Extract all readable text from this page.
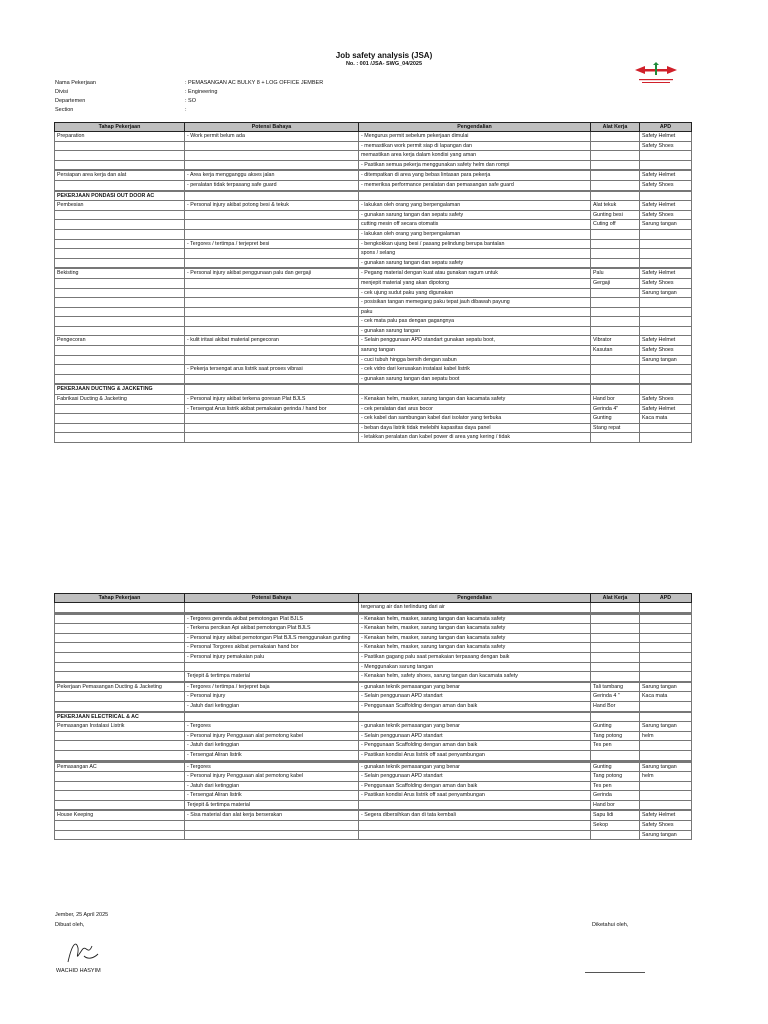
Job safety analysis (JSA)
No. : 001 /JSA- SWG_04/2025
Nama Pekerjaan	: PEMASANGAN AC BULKY 8 + LOG OFFICE JEMBER
Divisi	: Engineering
Departemen	: SO
Section	:
Tahap Pekerjaan	Potensi Bahaya	Pengendalian	Alat Kerja	APD
Preparation	- Work permit belum ada	- Mengurus permit sebelum pekerjaan dimulai		Safety Helmet
		- memastikan work permit siap di lapangan dan		Safety Shoes
		memastikan area kerja dalam kondisi yang aman		
		- Pastikan semua pekerja menggunakan safety helm dan rompi		

Persiapan area kerja dan alat	- Area kerja mengganggu akses jalan	- ditempatkan di area yang bebas lintasan para pekerja		Safety Helmet
	- peralatan tidak terpasang safe guard	- memeriksa performance peralatan dan pemasangan safe guard		Safety Shoes

PEKERJAAN PONDASI OUT DOOR AC				
Pembesian	- Personal injury akibat potong besi & tekuk	- lakukan oleh orang yang berpengalaman	Alat tekuk	Safety Helmet
		- gunakan sarung tangan dan sepatu safety	Gunting besi	Safety Shoes
		cutting mesin off secara otomatis	Cuting off	Sarung tangan
		- lakukan oleh orang yang berpengalaman		
	- Tergores / tertimpa / terjepret besi	- bengkokkan ujung besi / pasang pelindung berupa bantalan		
		spons / selang		
		- gunakan sarung tangan dan sepatu safety		

Bekisting	- Personal injury akibat penggunaan palu dan gergaji	- Pegang material dengan kuat atau gunakan ragum untuk	Palu	Safety Helmet
		menjepit material yang akan dipotong	Gergaji	Safety Shoes
		- cek ujung sudut paku yang digunakan		Sarung tangan
		- posisikan tangan memegang paku tepat jauh dibawah payung		
		paku		
		- cek mata palu pas dengan gagangnya		
		- gunakan sarung tangan		
Pengecoran	- kulit iritasi akibat material pengecoran	- Selain penggunaan APD standart gunakan sepatu boot,	Vibrator	Safety Helmet
		sarung tangan	Kasutan	Safety Shoes
		- cuci tubuh hingga bersih dengan sabun		Sarung tangan
	- Pekerja tersengat arus listrik saat proses vibrasi	- cek vidro dari kerusakan instalasi kabel listrik		
		- gunakan sarung tangan dan sepatu boot		

PEKERJAAN DUCTING & JACKETING				
Fabrikasi Ducting & Jacketing	- Personal injury akibat terkena goresan Plat BJLS	- Kenakan helm, masker, sarung tangan dan kacamata safety	Hand bor	Safety Shoes
	- Tersengat Arus listrik akibat pemakaian gerinda / hand bor	- cek peralatan dari arus bocor	Gerinda 4"	Safety Helmet
		- cek kabel dan sambungan kabel dari isolator yang terbuka	Gunting	Kaca mata
		- beban daya listrik tidak melebihi kapasitas daya panel	Stang repat	
		- letakkan peralatan dan kabel power di area yang kering / tidak		
Tahap Pekerjaan	Potensi Bahaya	Pengendalian	Alat Kerja	APD
		tergenang air dan terlindung dari air		

	- Tergores gerenda akibat pemotongan Plat BJLS	- Kenakan helm, masker, sarung tangan dan kacamata safety		
	- Terkena percikan Api akibat pemotongan Plat BJLS	- Kenakan helm, masker, sarung tangan dan kacamata safety		
	- Personal injury akibat pemotongan Plat BJLS menggunakan gunting	- Kenakan helm, masker, sarung tangan dan kacamata safety		
	- Personal Torgores akibat pemakaian hand bor	- Kenakan helm, masker, sarung tangan dan kacamata safety		
	- Personal injury pemakaian palu	- Pastikan gagang palu saat pemakaian terpasang dengan baik		
		- Menggunakan sarung tangan		
	Terjepit & tertimpa material	- Kenakan helm, safety shoes, sarung tangan dan kacamata safety		

Pekerjaan Pemasangan Ducting & Jacketing	- Tergores / tertimpa / terjepret baja	- gunakan teknik pemasangan yang benar	Tali tambang	Sarung tangan
	- Personal injury	- Selain penggunaan APD standart	Gerinda 4 "	Kaca mata
	- Jatuh dari ketinggian	- Penggunaan Scaffolding dengan aman dan baik	Hand Bor	

PEKERJAAN ELECTRICAL & AC				
Pemasangan Instalasi Listrik	- Tergores	- gunakan teknik pemasangan yang benar	Gunting	Sarung tangan
	- Personal injury Pengguaan alat pemotong kabel	- Selain penggunaan APD standart	Tang potong	helm
	- Jatuh dari ketinggian	- Penggunaan Scaffolding dengan aman dan baik	Tes pen	
	- Tersengat Aliran listrik	- Pastikan kondisi Arus listrik off saat penyambungan		

Pemasangan AC	- Tergores	- gunakan teknik pemasangan yang benar	Gunting	Sarung tangan
	- Personal injury Pengguaan alat pemotong kabel	- Selain penggunaan APD standart	Tang potong	helm
	- Jatuh dari ketinggian	- Penggunaan Scaffolding dengan aman dan baik	Tes pen	
	- Tersengat Aliran listrik	- Pastikan kondisi Arus listrik off saat penyambungan	Gerinda	
	Terjepit & tertimpa material		Hand bor	

House Keeping	- Sisa material dan alat kerja berserakan	- Segera dibersihkan dan di tata kembali	Sapu lidi	Safety Helmet
			Sekop	Safety Shoes
				Sarung tangan
Jember, 25 April 2025
Dibuat oleh,	Diketahui oleh,
WACHID HASYIM
